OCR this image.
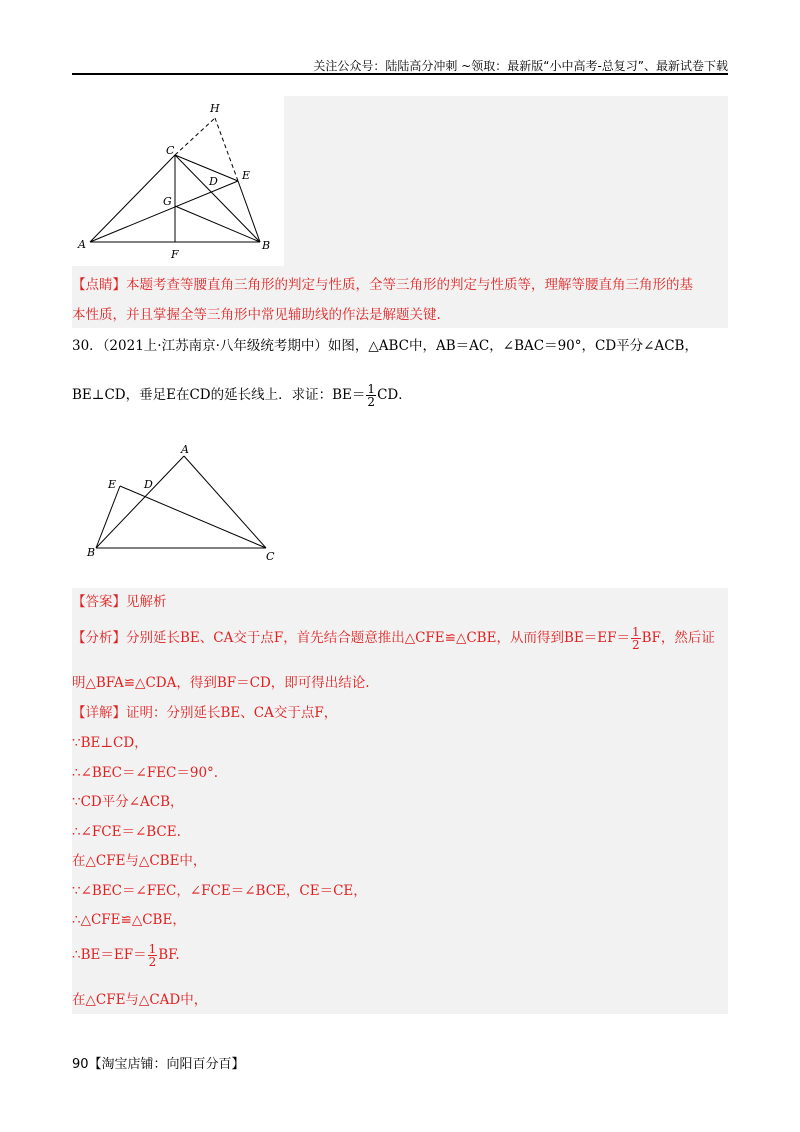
关注公众号：陆陆高分冲刺 ~领取：最新版“小中高考-总复习”、最新试卷下载
H
C
E
D
G
A
F
B
【点睛】本题考查等腰直角三角形的判定与性质，全等三角形的判定与性质等，理解等腰直角三角形的基
本性质，并且掌握全等三角形中常见辅助线的作法是解题关键.
30．（2021上·江苏南京·八年级统考期中）如图，△ABC中，AB＝AC，∠BAC＝90°，CD平分∠ACB，
BE⊥CD，垂足E在CD的延长线上．求证：$BE= \frac{1}{2}$ CD．
A
E	D
B	C
【答案】见解析
【分析】分别延长BE、CA交于点F，首先结合题意推出△CFE≌△CBE，从而得到$BE=EF= \frac{1}{2}$ BF，然后证
明△BFA≌△CDA，得到BF＝CD，即可得出结论.
【详解】证明：分别延长BE、CA交于点F，
∵BE⊥CD，
∴∠BEC＝∠FEC＝90°.
∵CD平分∠ACB，
∴∠FCE＝∠BCE.
在△CFE与△CBE中，
∵∠BEC＝∠FEC，∠FCE＝∠BCE，CE＝CE，
∴△CFE≌△CBE，
∴BE＝EF＝ $\frac{1}{2}$ BF.
在△CFE与△CAD中，
90【淘宝店铺：向阳百分百】
